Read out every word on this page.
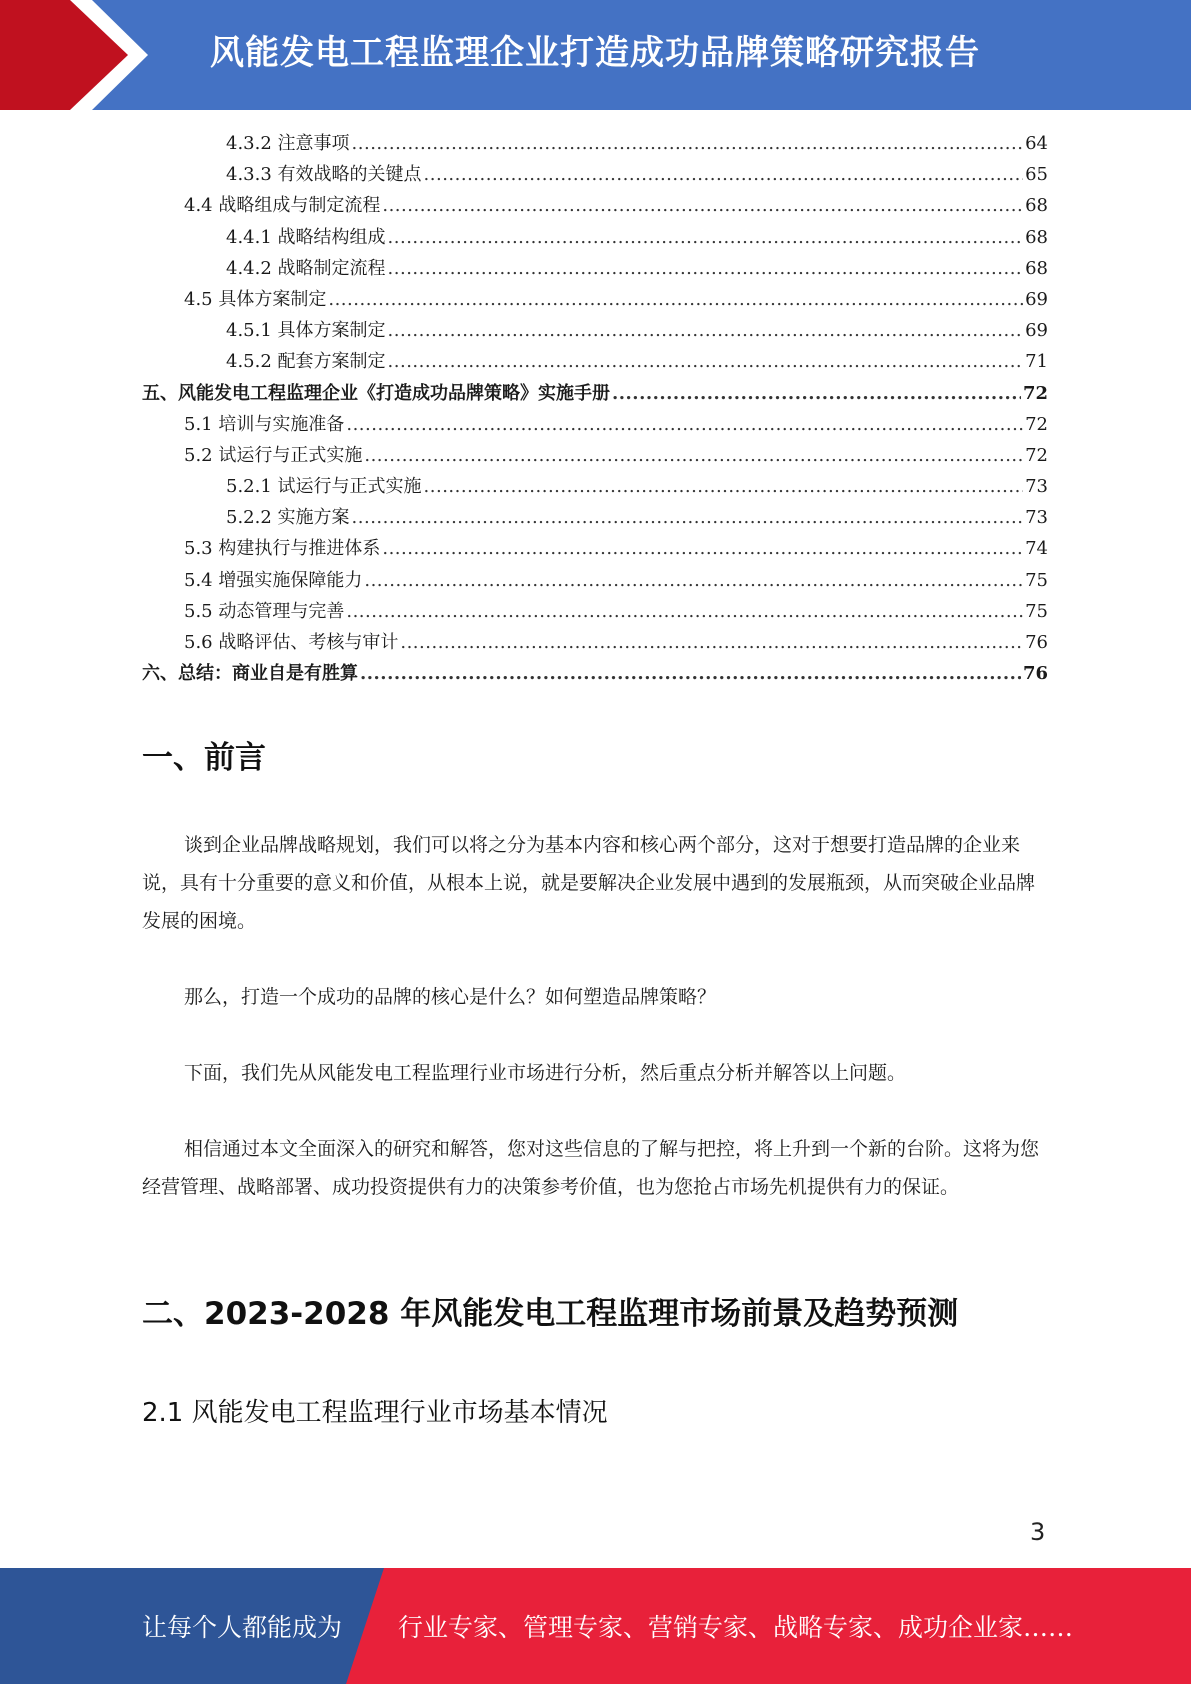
风能发电工程监理企业打造成功品牌策略研究报告
4.3.2 注意事项 .....	64
4.3.3 有效战略的关键点 .....	65
4.4 战略组成与制定流程 .....	68
4.4.1 战略结构组成 .....	68
4.4.2 战略制定流程 .....	68
4.5 具体方案制定 .....	69
4.5.1 具体方案制定 .....	69
4.5.2 配套方案制定 .....	71
五、风能发电工程监理企业《打造成功品牌策略》实施手册 .....	72
5.1 培训与实施准备 .....	72
5.2 试运行与正式实施 .....	72
5.2.1 试运行与正式实施 .....	73
5.2.2 实施方案 .....	73
5.3 构建执行与推进体系 .....	74
5.4 增强实施保障能力 .....	75
5.5 动态管理与完善 .....	75
5.6 战略评估、考核与审计 .....	76
六、总结：商业自是有胜算 .....	76
一、前言

谈到企业品牌战略规划，我们可以将之分为基本内容和核心两个部分，这对于想要打造品牌的企业来说，具有十分重要的意义和价值，从根本上说，就是要解决企业发展中遇到的发展瓶颈，从而突破企业品牌发展的困境。

那么，打造一个成功的品牌的核心是什么？如何塑造品牌策略？

下面，我们先从风能发电工程监理行业市场进行分析，然后重点分析并解答以上问题。

相信通过本文全面深入的研究和解答，您对这些信息的了解与把控，将上升到一个新的台阶。这将为您经营管理、战略部署、成功投资提供有力的决策参考价值，也为您抢占市场先机提供有力的保证。

二、2023-2028 年风能发电工程监理市场前景及趋势预测
2.1 风能发电工程监理行业市场基本情况
3
让每个人都能成为 行业专家、管理专家、营销专家、战略专家、成功企业家……
